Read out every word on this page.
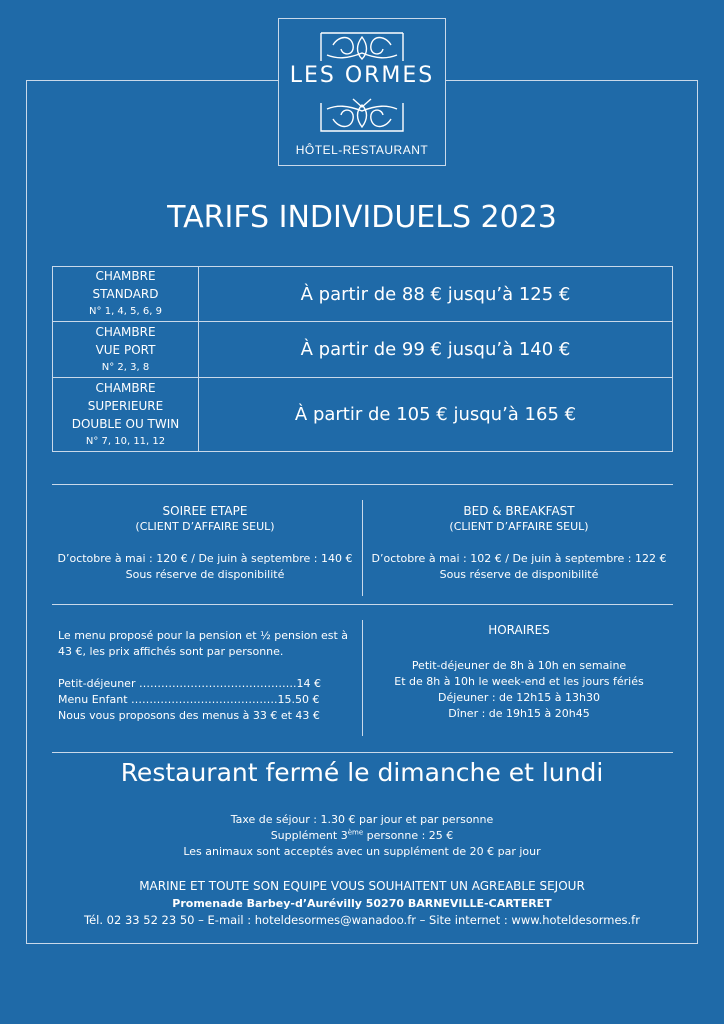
LES ORMES
HÔTEL-RESTAURANT
TARIFS INDIVIDUELS 2023
CHAMBRE
STANDARD
N° 1, 4, 5, 6, 9	À partir de 88 € jusqu’à 125 €

CHAMBRE
VUE PORT
N° 2, 3, 8	À partir de 99 € jusqu’à 140 €

CHAMBRE
SUPERIEURE
DOUBLE OU TWIN
N° 7, 10, 11, 12	À partir de 105 € jusqu’à 165 €
SOIREE ETAPE
(CLIENT D’AFFAIRE SEUL)
D’octobre à mai : 120 € / De juin à septembre : 140 €
Sous réserve de disponibilité
BED & BREAKFAST
(CLIENT D’AFFAIRE SEUL)
D’octobre à mai : 102 € / De juin à septembre : 122 €
Sous réserve de disponibilité
Le menu proposé pour la pension et ½ pension est à
43 €, les prix affichés sont par personne.
Petit-déjeuner …………………………………….14 €
Menu Enfant ………………………………….15.50 €
Nous vous proposons des menus à 33 € et 43 €
HORAIRES
Petit-déjeuner de 8h à 10h en semaine
Et de 8h à 10h le week-end et les jours fériés
Déjeuner : de 12h15 à 13h30
Dîner : de 19h15 à 20h45
Restaurant fermé le dimanche et lundi
Taxe de séjour : 1.30 € par jour et par personne
Supplément 3ème personne : 25 €
Les animaux sont acceptés avec un supplément de 20 € par jour
MARINE ET TOUTE SON EQUIPE VOUS SOUHAITENT UN AGREABLE SEJOUR
Promenade Barbey-d’Aurévilly 50270 BARNEVILLE-CARTERET
Tél. 02 33 52 23 50 – E-mail : hoteldesormes@wanadoo.fr – Site internet : www.hoteldesormes.fr
